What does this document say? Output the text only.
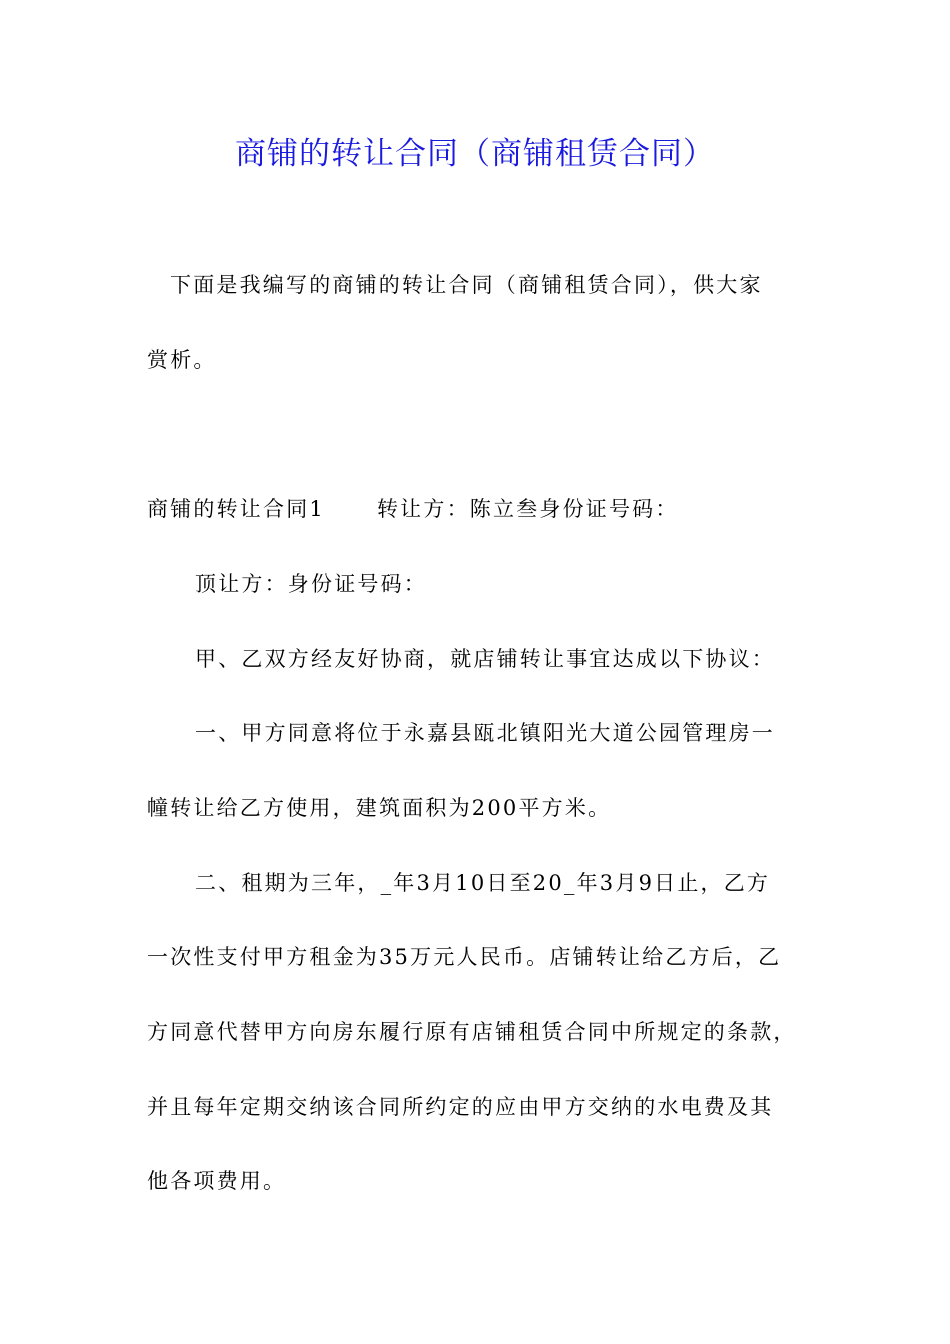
商铺的转让合同（商铺租赁合同）
下面是我编写的商铺的转让合同（商铺租赁合同），供大家
赏析。
商铺的转让合同1 转让方：陈立叁身份证号码：
顶让方：身份证号码：
甲、乙双方经友好协商，就店铺转让事宜达成以下协议：
一、甲方同意将位于永嘉县瓯北镇阳光大道公园管理房一
幢转让给乙方使用，建筑面积为200平方米。
二、租期为三年，_年3月10日至20_年3月9日止，乙方
一次性支付甲方租金为35万元人民币。店铺转让给乙方后，乙
方同意代替甲方向房东履行原有店铺租赁合同中所规定的条款，
并且每年定期交纳该合同所约定的应由甲方交纳的水电费及其
他各项费用。
